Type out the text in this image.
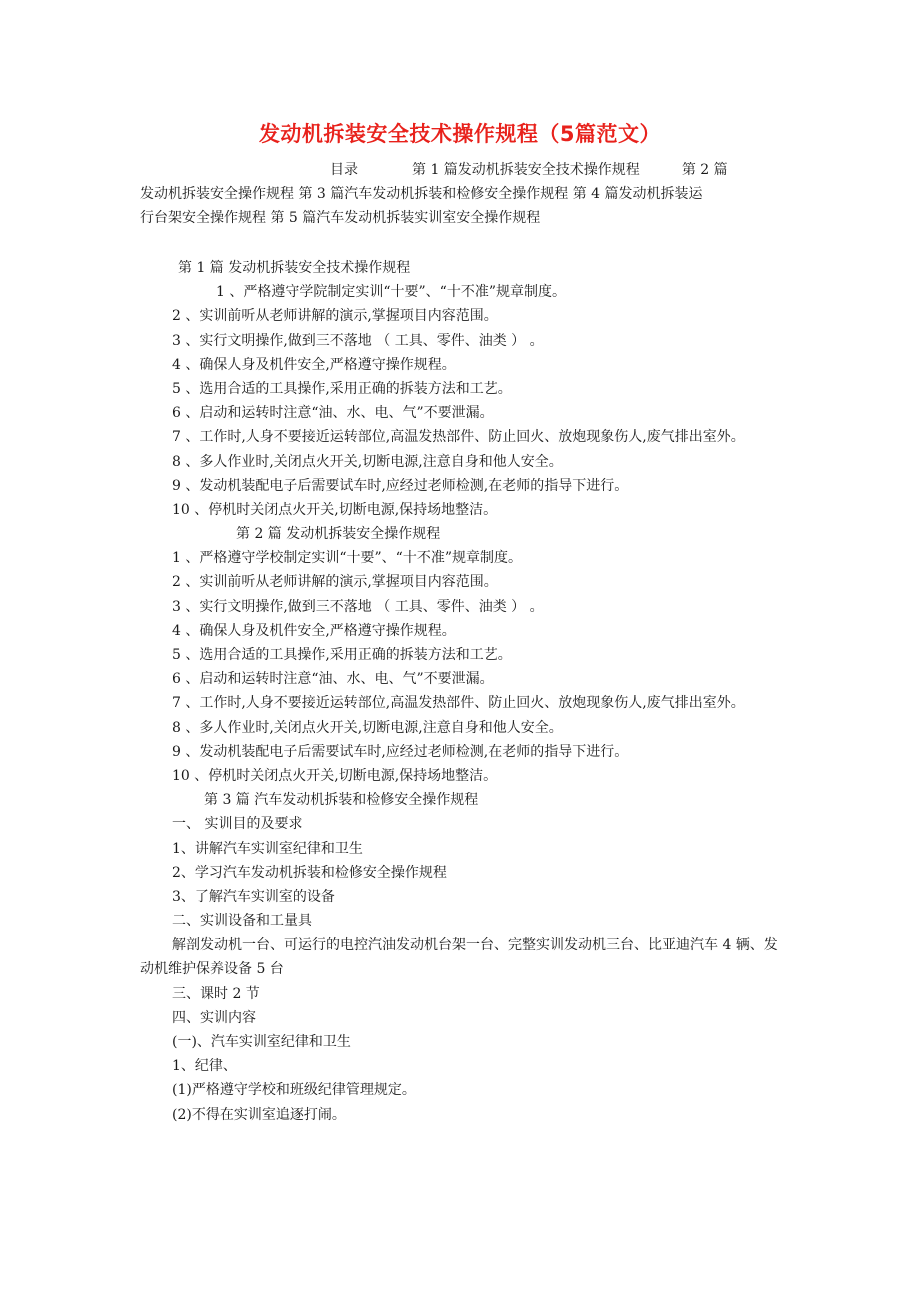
发动机拆装安全技术操作规程（5篇范文）
目录	第 1 篇发动机拆装安全技术操作规程	第 2 篇
发动机拆装安全操作规程 第 3 篇汽车发动机拆装和检修安全操作规程 第 4 篇发动机拆装运
行台架安全操作规程 第 5 篇汽车发动机拆装实训室安全操作规程
第 1 篇 发动机拆装安全技术操作规程
1 、严格遵守学院制定实训“十要”、“十不准”规章制度。
2 、实训前听从老师讲解的演示,掌握项目内容范围。
3 、实行文明操作,做到三不落地 （ 工具、零件、油类 ） 。
4 、确保人身及机件安全,严格遵守操作规程。
5 、选用合适的工具操作,采用正确的拆装方法和工艺。
6 、启动和运转时注意“油、水、电、气”不要泄漏。
7 、工作时,人身不要接近运转部位,高温发热部件、防止回火、放炮现象伤人,废气排出室外。
8 、多人作业时,关闭点火开关,切断电源,注意自身和他人安全。
9 、发动机装配电子后需要试车时,应经过老师检测,在老师的指导下进行。
10 、停机时关闭点火开关,切断电源,保持场地整洁。
第 2 篇 发动机拆装安全操作规程
1 、严格遵守学校制定实训“十要”、“十不准”规章制度。
2 、实训前听从老师讲解的演示,掌握项目内容范围。
3 、实行文明操作,做到三不落地 （ 工具、零件、油类 ） 。
4 、确保人身及机件安全,严格遵守操作规程。
5 、选用合适的工具操作,采用正确的拆装方法和工艺。
6 、启动和运转时注意“油、水、电、气”不要泄漏。
7 、工作时,人身不要接近运转部位,高温发热部件、防止回火、放炮现象伤人,废气排出室外。
8 、多人作业时,关闭点火开关,切断电源,注意自身和他人安全。
9 、发动机装配电子后需要试车时,应经过老师检测,在老师的指导下进行。
10 、停机时关闭点火开关,切断电源,保持场地整洁。
第 3 篇 汽车发动机拆装和检修安全操作规程
一、 实训目的及要求
1、讲解汽车实训室纪律和卫生
2、学习汽车发动机拆装和检修安全操作规程
3、了解汽车实训室的设备
二、实训设备和工量具
解剖发动机一台、可运行的电控汽油发动机台架一台、完整实训发动机三台、比亚迪汽车 4 辆、发动机维护保养设备 5 台
三、课时 2 节
四、实训内容
(一)、汽车实训室纪律和卫生
1、纪律、
(1)严格遵守学校和班级纪律管理规定。
(2)不得在实训室追逐打闹。
